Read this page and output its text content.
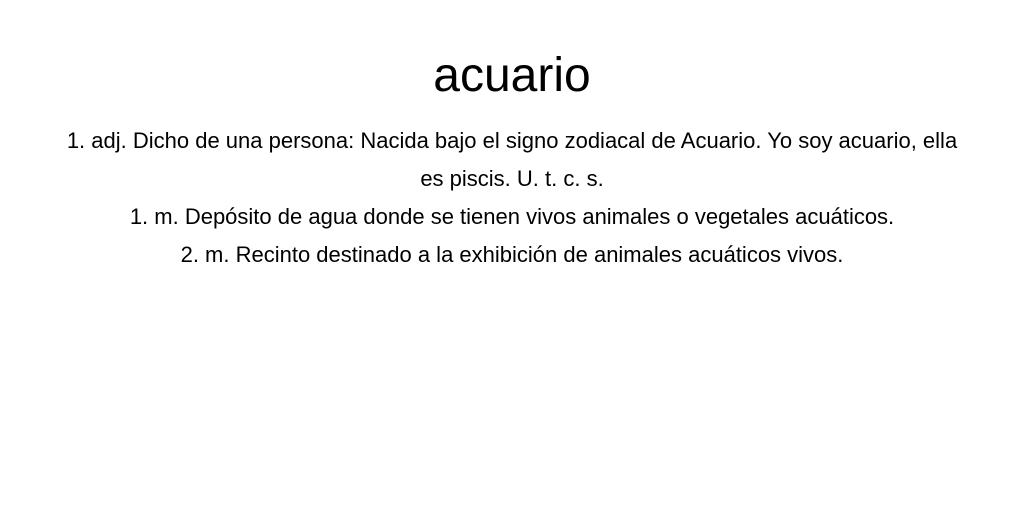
acuario

1. adj. Dicho de una persona: Nacida bajo el signo zodiacal de Acuario. Yo soy acuario, ella es piscis. U. t. c. s.

1. m. Depósito de agua donde se tienen vivos animales o vegetales acuáticos.

2. m. Recinto destinado a la exhibición de animales acuáticos vivos.
